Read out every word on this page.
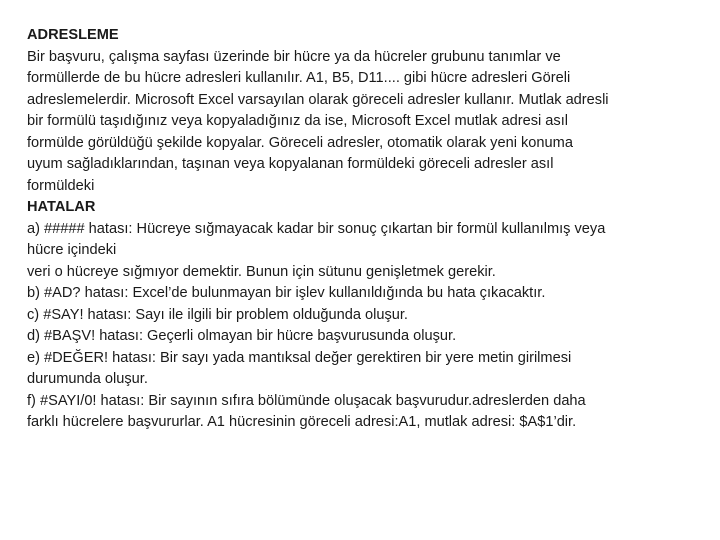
ADRESLEME
Bir başvuru, çalışma sayfası üzerinde bir hücre ya da hücreler grubunu tanımlar ve
formüllerde de bu hücre adresleri kullanılır. A1, B5, D11.... gibi hücre adresleri Göreli
adreslemelerdir. Microsoft Excel varsayılan olarak göreceli adresler kullanır. Mutlak adresli
bir formülü taşıdığınız veya kopyaladığınız da ise, Microsoft Excel mutlak adresi asıl
formülde görüldüğü şekilde kopyalar. Göreceli adresler, otomatik olarak yeni konuma
uyum sağladıklarından, taşınan veya kopyalanan formüldeki göreceli adresler asıl
formüldeki
HATALAR
a) ##### hatası: Hücreye sığmayacak kadar bir sonuç çıkartan bir formül kullanılmış veya
hücre içindeki
veri o hücreye sığmıyor demektir. Bunun için sütunu genişletmek gerekir.
b) #AD? hatası: Excel’de bulunmayan bir işlev kullanıldığında bu hata çıkacaktır.
c) #SAY! hatası: Sayı ile ilgili bir problem olduğunda oluşur.
d) #BAŞV! hatası: Geçerli olmayan bir hücre başvurusunda oluşur.
e) #DEĞER! hatası: Bir sayı yada mantıksal değer gerektiren bir yere metin girilmesi
durumunda oluşur.
f) #SAYI/0! hatası: Bir sayının sıfıra bölümünde oluşacak başvurudur.adreslerden daha
farklı hücrelere başvururlar. A1 hücresinin göreceli adresi:A1, mutlak adresi: $A$1’dir.
